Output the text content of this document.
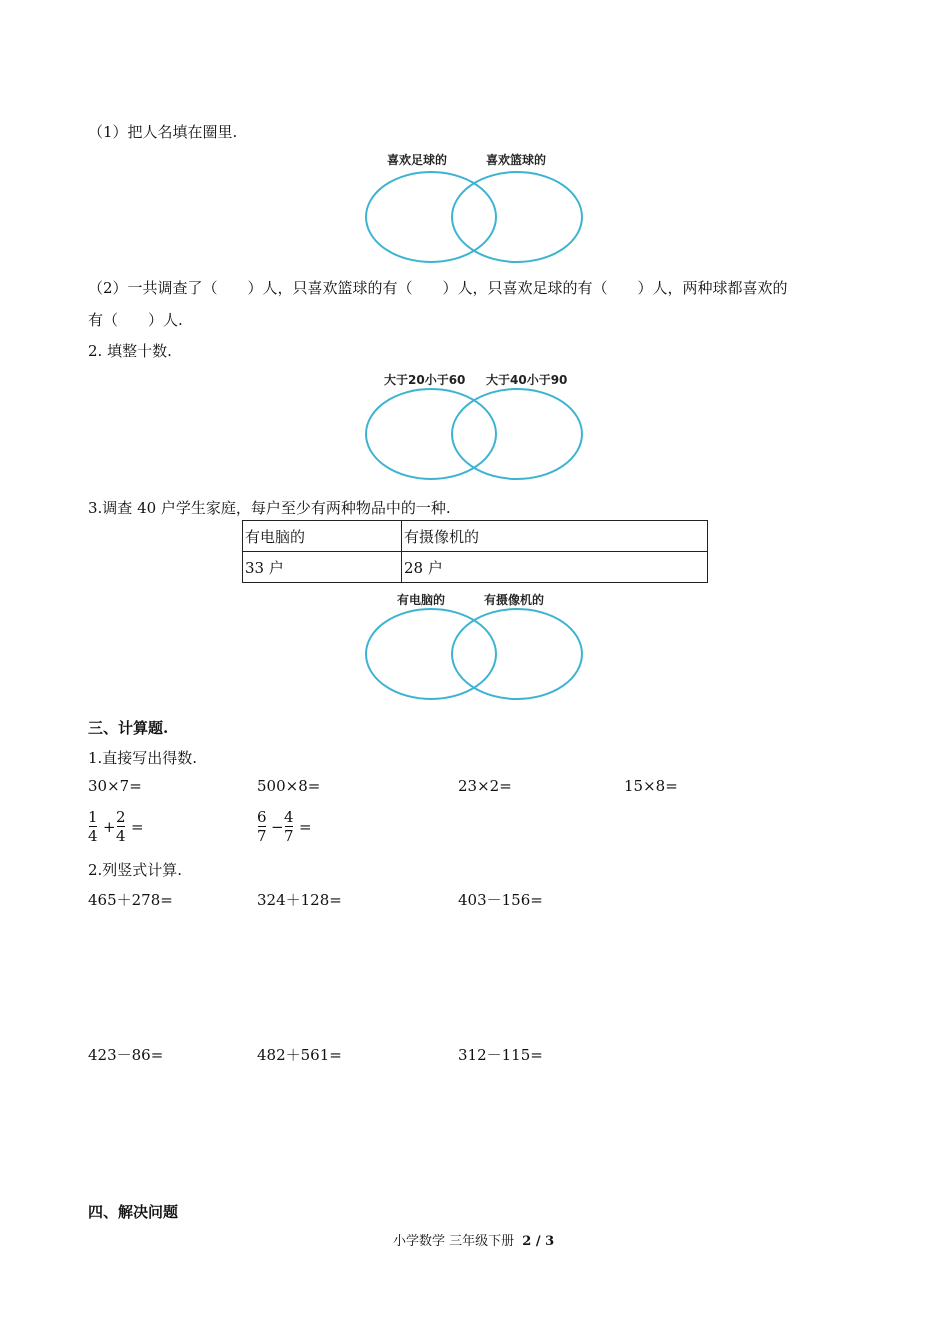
（1）把人名填在圈里.
喜欢足球的	喜欢篮球的
（2）一共调查了（　　）人，只喜欢篮球的有（　　）人，只喜欢足球的有（　　）人，两种球都喜欢的
有（　　）人.
2. 填整十数.
大于20小于60 大于40小于90
3.调查 40 户学生家庭，每户至少有两种物品中的一种.
有电脑的	有摄像机的
33 户	28 户
有电脑的	有摄像机的
三、计算题.
1.直接写出得数.
30×7=	500×8=	23×2=	15×8=
1
4 +
2
4 =
6
7 −
4
7 =
2.列竖式计算.
465＋278=	324＋128=	403－156=
423－86=	482＋561=	312－115=
四、解决问题
小学数学 三年级下册 2 / 3
